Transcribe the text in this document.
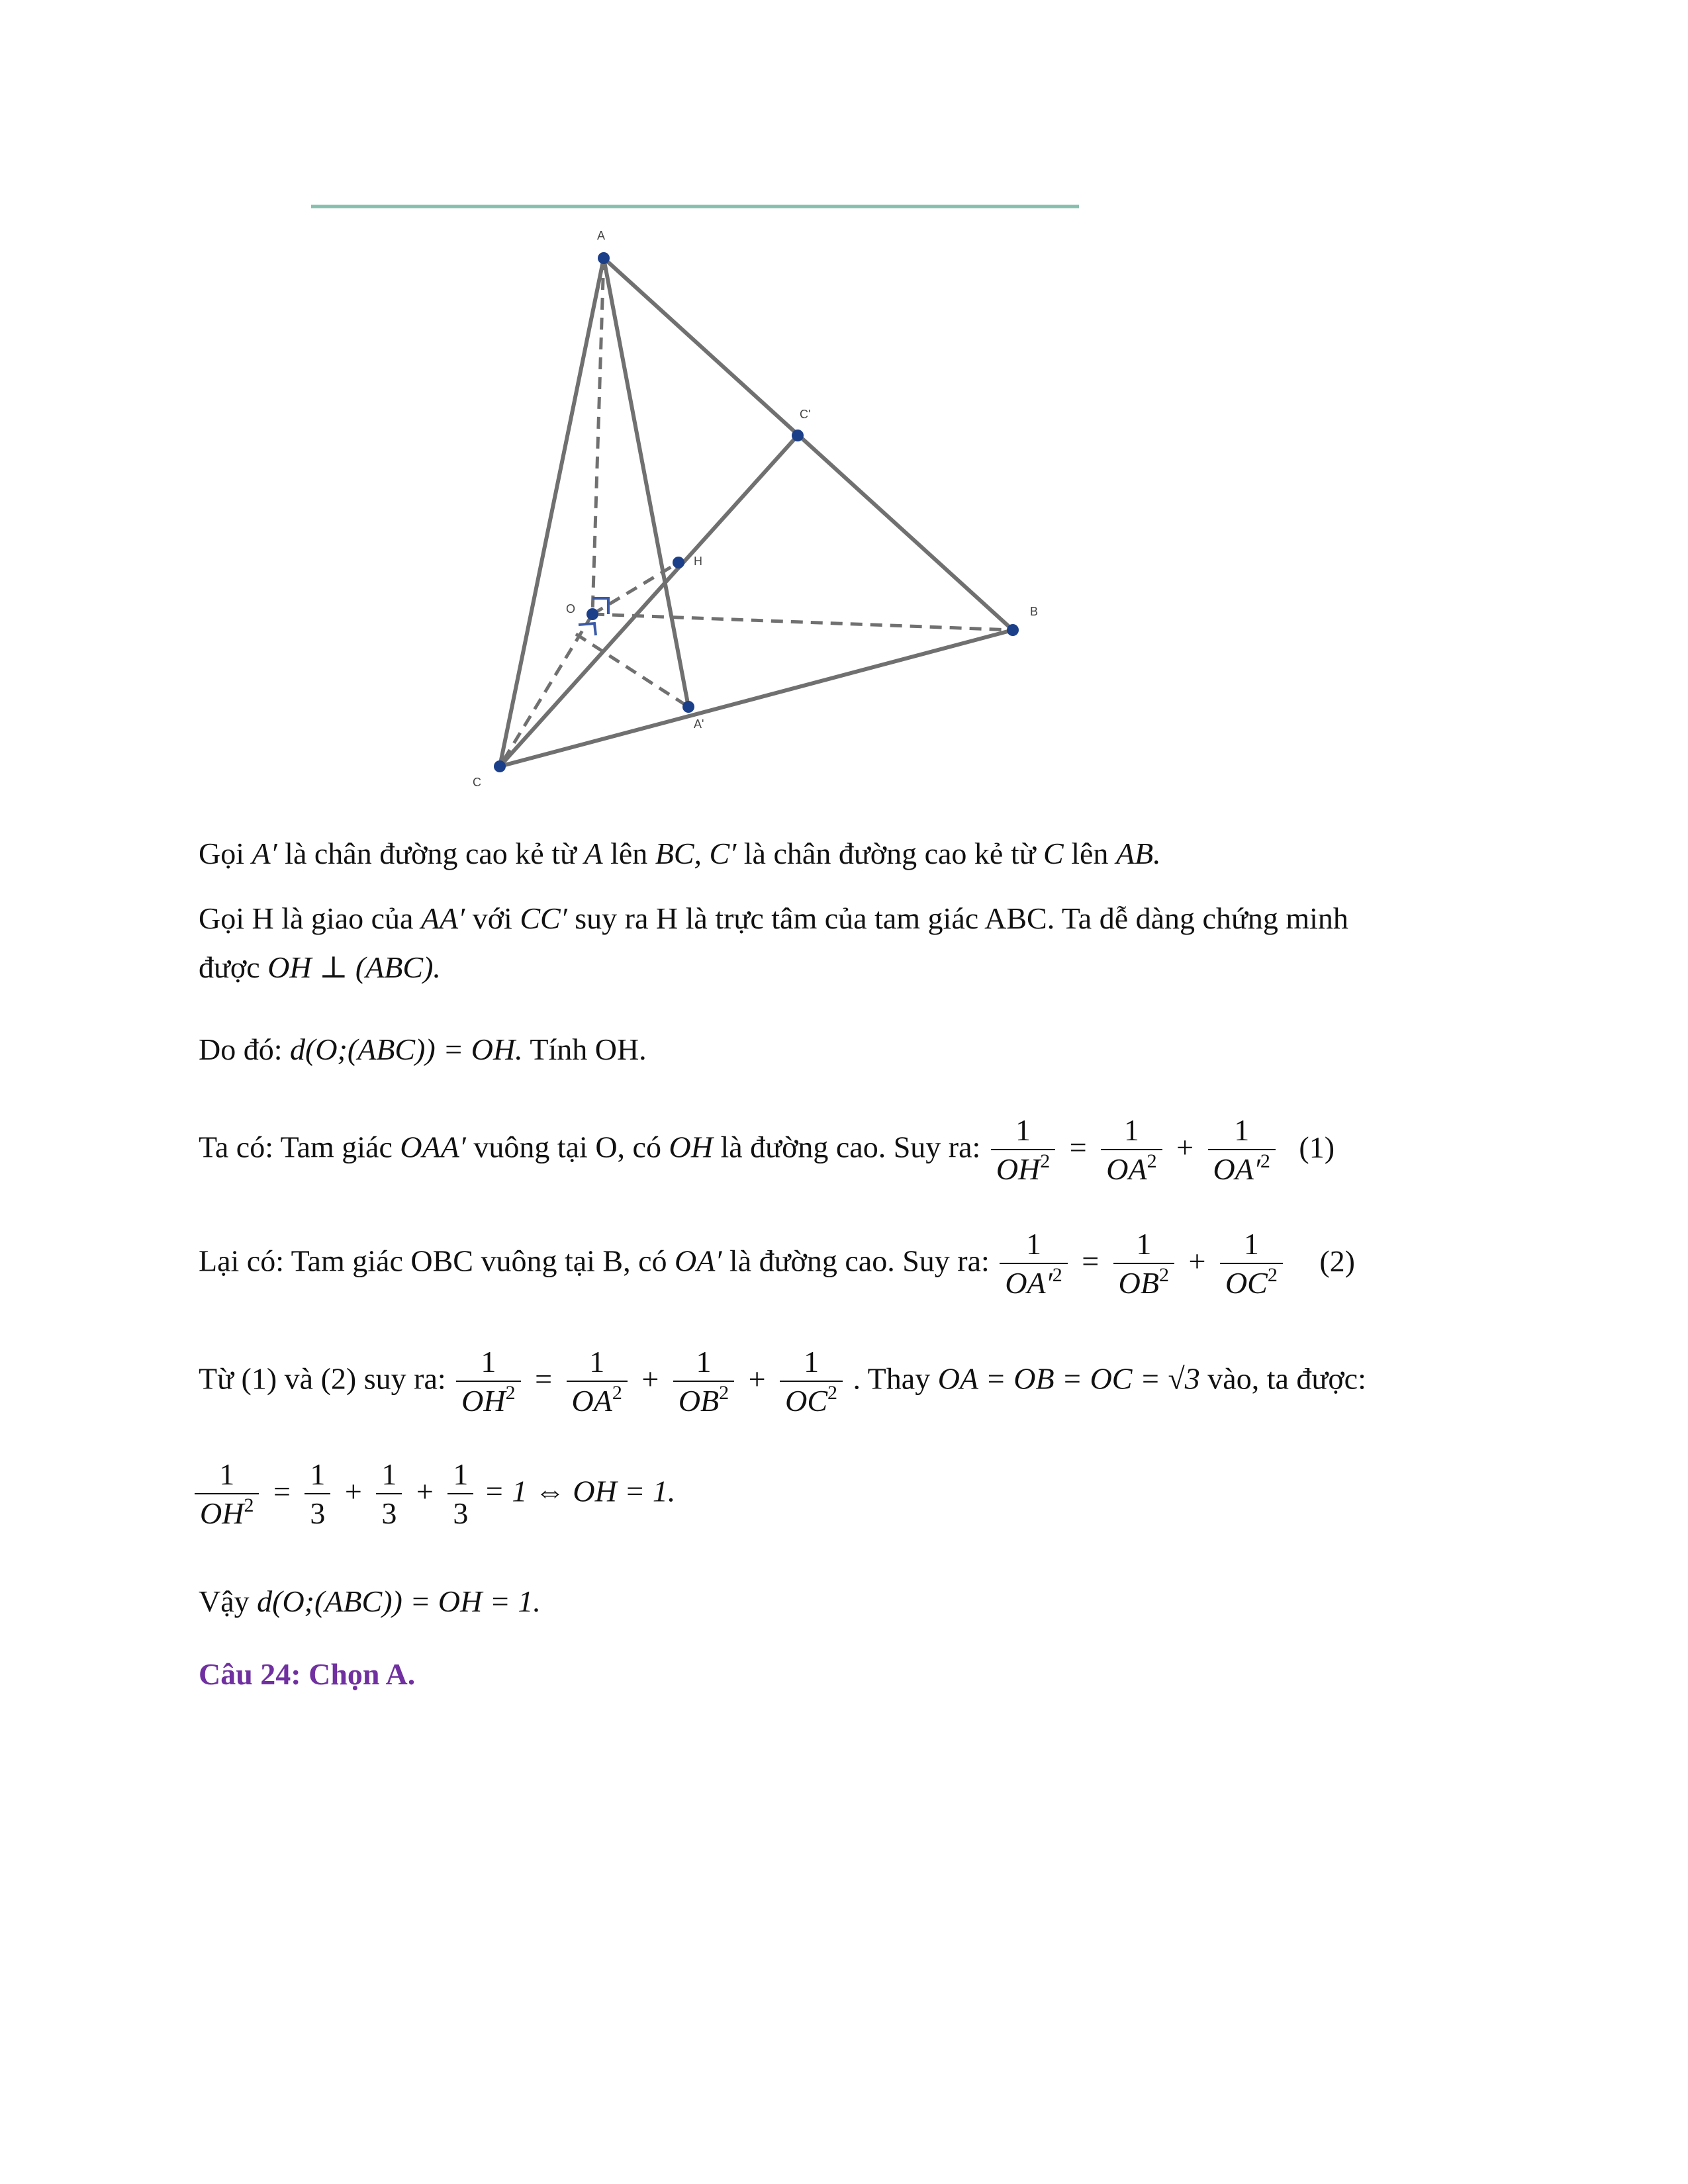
A
B
C
O
H
A'
C'
Gọi A′ là chân đường cao kẻ từ A lên BC, C′ là chân đường cao kẻ từ C lên AB.
Gọi H là giao của AA′ với CC′ suy ra H là trực tâm của tam giác ABC. Ta dễ dàng chứng minh
được OH ⊥ (ABC).
Do đó: d(O;(ABC)) = OH. Tính OH.
Ta có: Tam giác OAA′ vuông tại O, có OH là đường cao. Suy ra: $\frac{1}{OH^2} = \frac{1}{OA^2} + \frac{1}{OA'^2} (1)$
Lại có: Tam giác OBC vuông tại B, có OA′ là đường cao. Suy ra: $\frac{1}{OA'^2} = \frac{1}{OB^2} + \frac{1}{OC^2} (2)$
Từ (1) và (2) suy ra: $\frac{1}{OH^2} = \frac{1}{OA^2} + \frac{1}{OB^2} + \frac{1}{OC^2}$ . Thay OA = OB = OC = √3 vào, ta được:
$\frac{1}{OH^2} = \frac{1}{3} + \frac{1}{3} + \frac{1}{3} = 1$ ⇔ OH = 1.
Vậy d(O;(ABC)) = OH = 1.
Câu 24: Chọn A.
